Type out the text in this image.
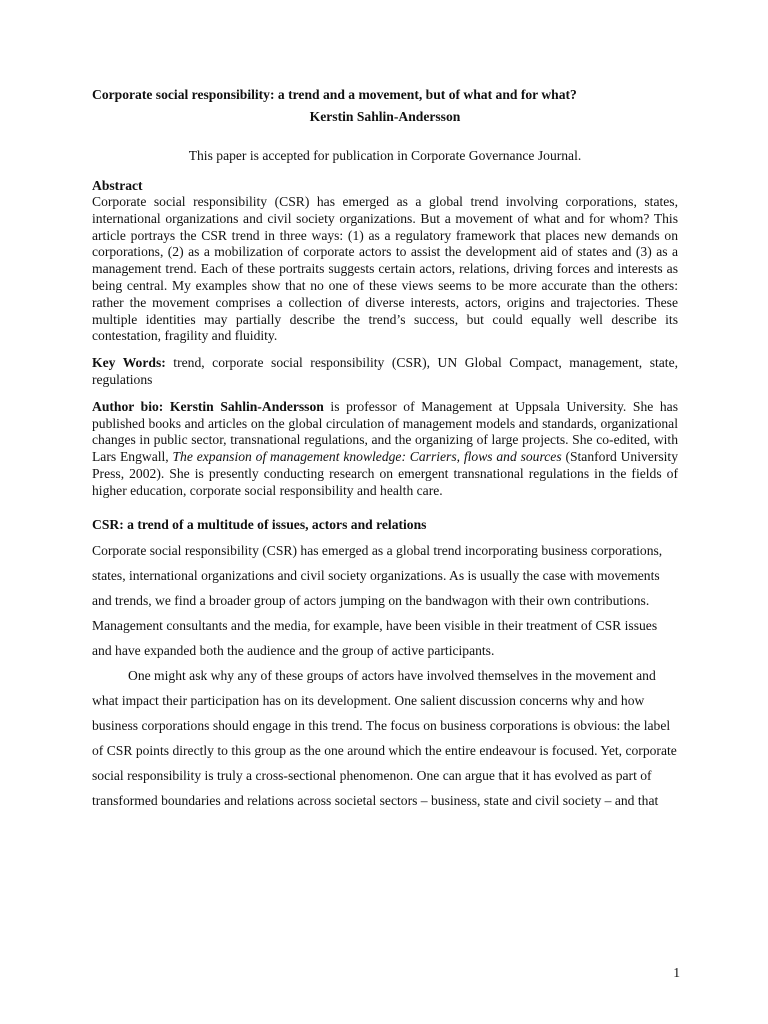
Corporate social responsibility: a trend and a movement, but of what and for what?

Kerstin Sahlin-Andersson

This paper is accepted for publication in Corporate Governance Journal.

Abstract

Corporate social responsibility (CSR) has emerged as a global trend involving corporations, states, international organizations and civil society organizations. But a movement of what and for whom? This article portrays the CSR trend in three ways: (1) as a regulatory framework that places new demands on corporations, (2) as a mobilization of corporate actors to assist the development aid of states and (3) as a management trend. Each of these portraits suggests certain actors, relations, driving forces and interests as being central. My examples show that no one of these views seems to be more accurate than the others: rather the movement comprises a collection of diverse interests, actors, origins and trajectories. These multiple identities may partially describe the trend’s success, but could equally well describe its contestation, fragility and fluidity.

Key Words: trend, corporate social responsibility (CSR), UN Global Compact, management, state, regulations

Author bio: Kerstin Sahlin-Andersson is professor of Management at Uppsala University. She has published books and articles on the global circulation of management models and standards, organizational changes in public sector, transnational regulations, and the organizing of large projects. She co-edited, with Lars Engwall, The expansion of management knowledge: Carriers, flows and sources (Stanford University Press, 2002). She is presently conducting research on emergent transnational regulations in the fields of higher education, corporate social responsibility and health care.

CSR: a trend of a multitude of issues, actors and relations

Corporate social responsibility (CSR) has emerged as a global trend incorporating business corporations, states, international organizations and civil society organizations. As is usually the case with movements and trends, we find a broader group of actors jumping on the bandwagon with their own contributions. Management consultants and the media, for example, have been visible in their treatment of CSR issues and have expanded both the audience and the group of active participants.

One might ask why any of these groups of actors have involved themselves in the movement and what impact their participation has on its development. One salient discussion concerns why and how business corporations should engage in this trend. The focus on business corporations is obvious: the label of CSR points directly to this group as the one around which the entire endeavour is focused. Yet, corporate social responsibility is truly a cross-sectional phenomenon. One can argue that it has evolved as part of transformed boundaries and relations across societal sectors – business, state and civil society – and that

1
